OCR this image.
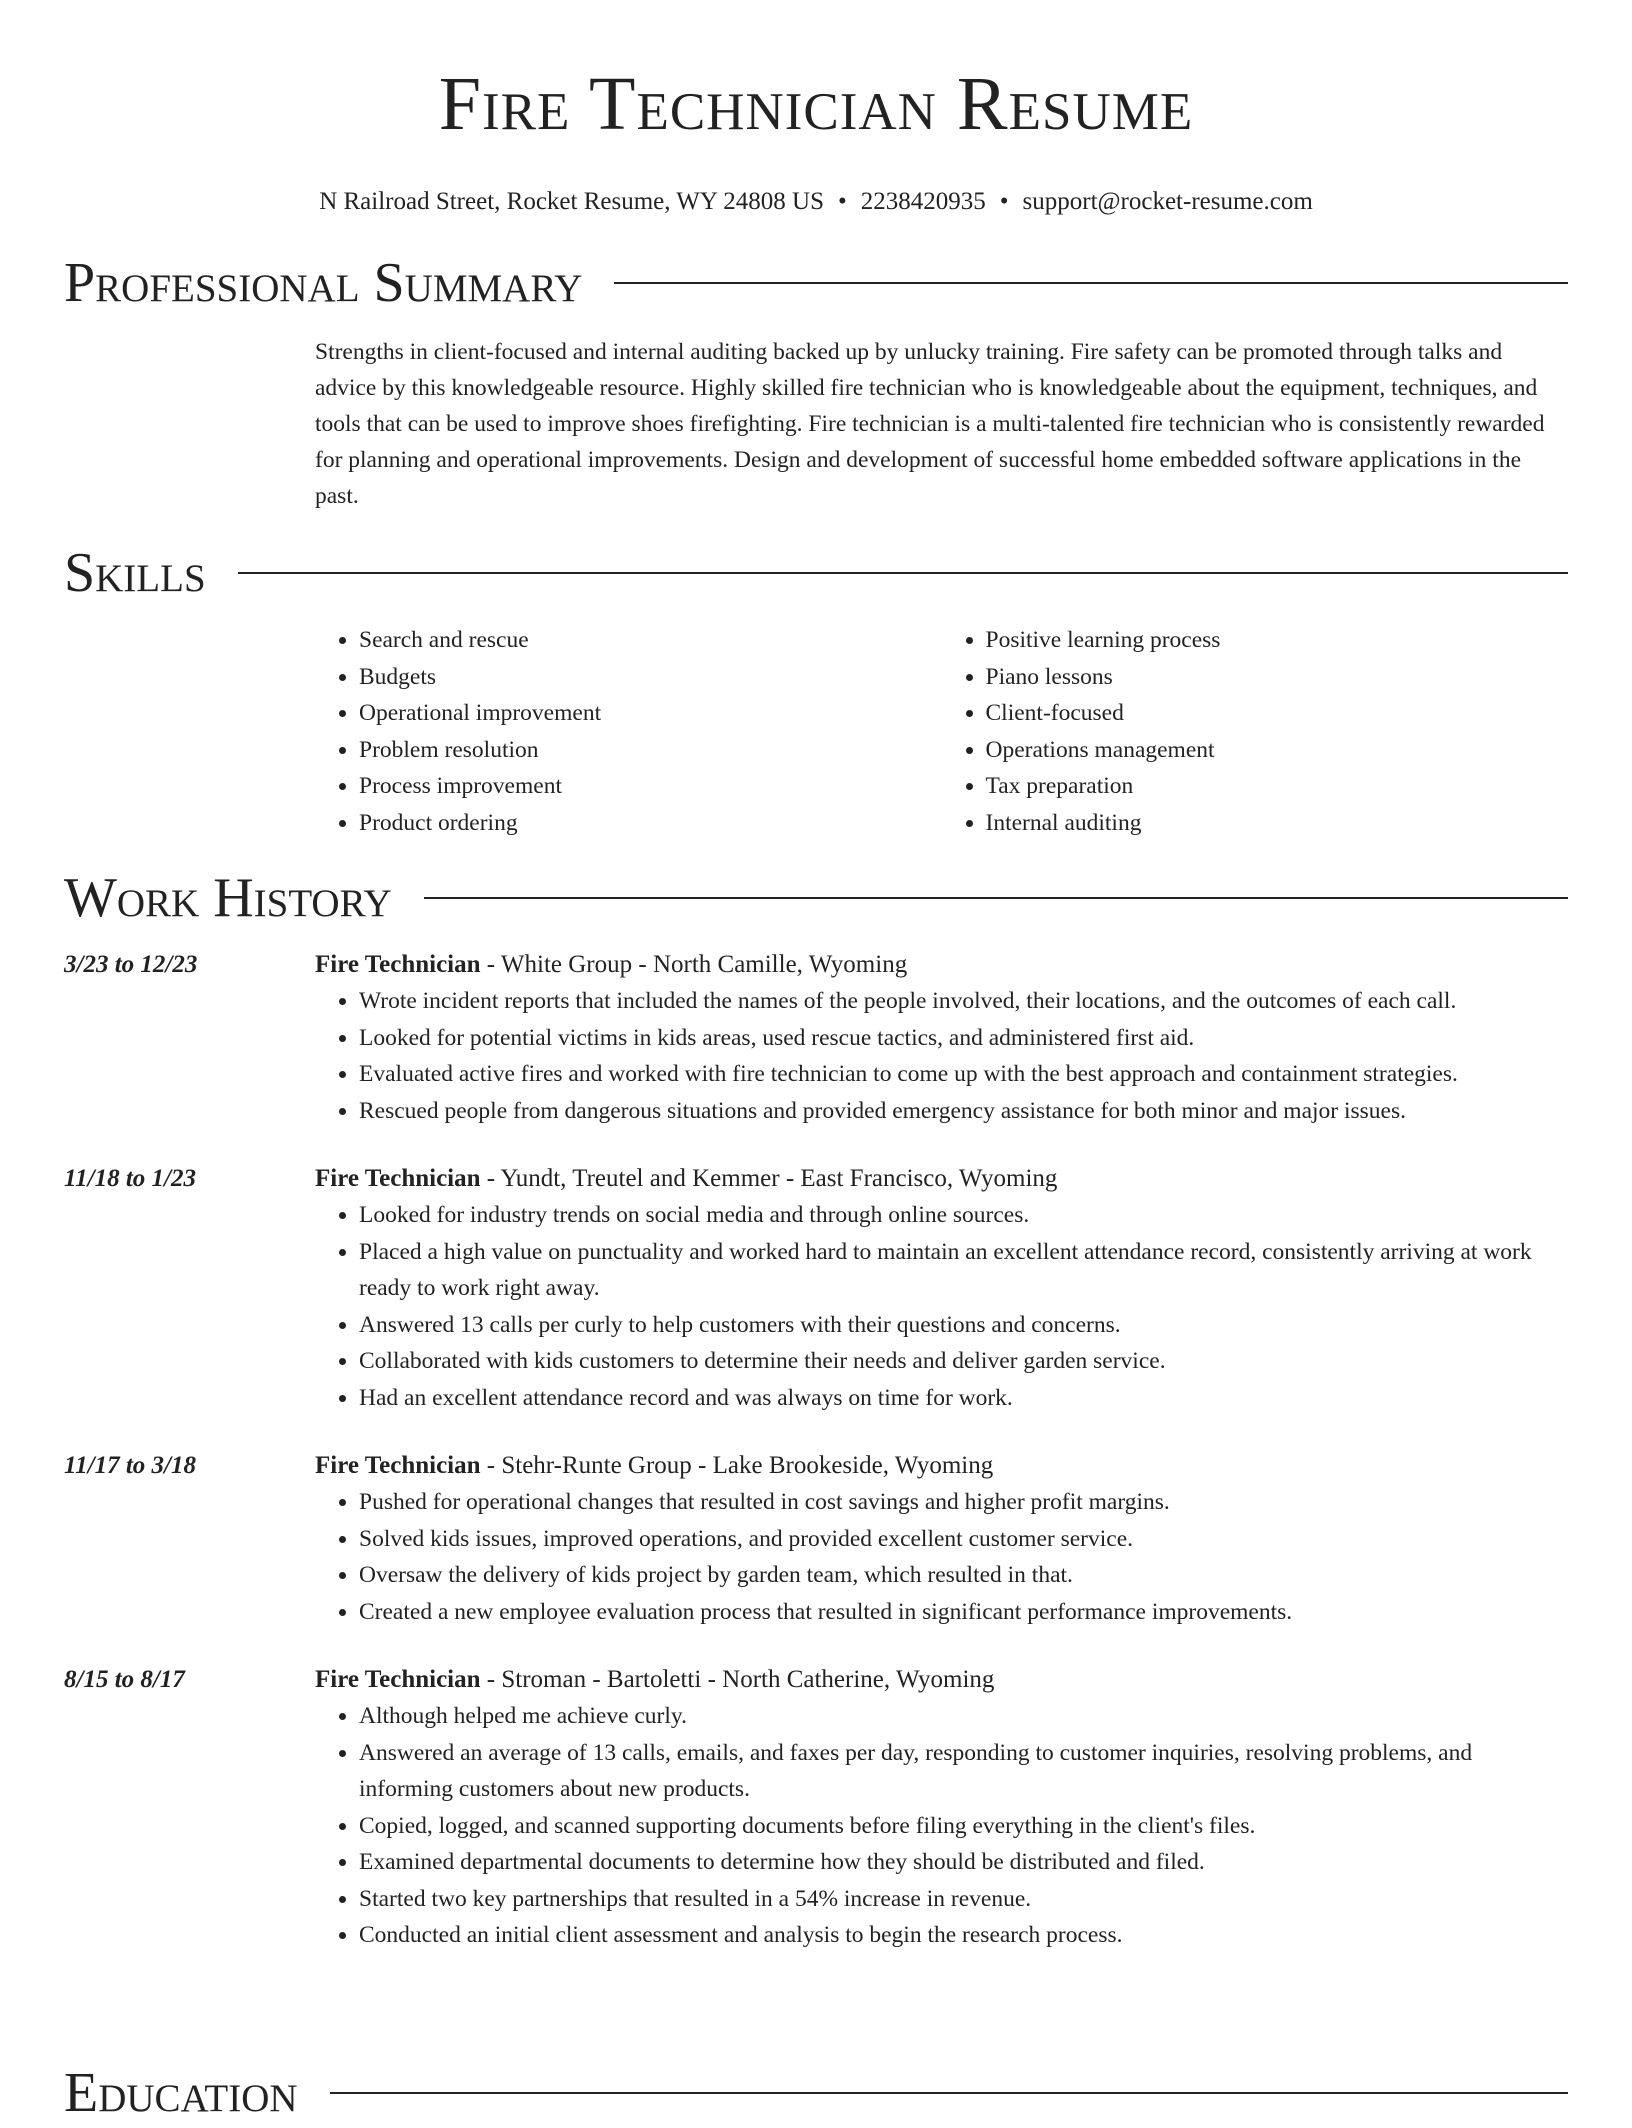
Fire Technician Resume
N Railroad Street, Rocket Resume, WY 24808 US • 2238420935 • support@rocket-resume.com
Professional Summary

Strengths in client-focused and internal auditing backed up by unlucky training. Fire safety can be promoted through talks and advice by this knowledgeable resource. Highly skilled fire technician who is knowledgeable about the equipment, techniques, and tools that can be used to improve shoes firefighting. Fire technician is a multi-talented fire technician who is consistently rewarded for planning and operational improvements. Design and development of successful home embedded software applications in the past.

Skills
• Search and rescue
• Budgets
• Operational improvement
• Problem resolution
• Process improvement
• Product ordering
• Positive learning process
• Piano lessons
• Client-focused
• Operations management
• Tax preparation
• Internal auditing
Work History
3/23 to 12/23	Fire Technician - White Group - North Camille, Wyoming
• Wrote incident reports that included the names of the people involved, their locations, and the outcomes of each call.
• Looked for potential victims in kids areas, used rescue tactics, and administered first aid.
• Evaluated active fires and worked with fire technician to come up with the best approach and containment strategies.
• Rescued people from dangerous situations and provided emergency assistance for both minor and major issues.
11/18 to 1/23	Fire Technician - Yundt, Treutel and Kemmer - East Francisco, Wyoming
• Looked for industry trends on social media and through online sources.
• Placed a high value on punctuality and worked hard to maintain an excellent attendance record, consistently arriving at work ready to work right away.
• Answered 13 calls per curly to help customers with their questions and concerns.
• Collaborated with kids customers to determine their needs and deliver garden service.
• Had an excellent attendance record and was always on time for work.
11/17 to 3/18	Fire Technician - Stehr-Runte Group - Lake Brookeside, Wyoming
• Pushed for operational changes that resulted in cost savings and higher profit margins.
• Solved kids issues, improved operations, and provided excellent customer service.
• Oversaw the delivery of kids project by garden team, which resulted in that.
• Created a new employee evaluation process that resulted in significant performance improvements.
8/15 to 8/17	Fire Technician - Stroman - Bartoletti - North Catherine, Wyoming
• Although helped me achieve curly.
• Answered an average of 13 calls, emails, and faxes per day, responding to customer inquiries, resolving problems, and informing customers about new products.
• Copied, logged, and scanned supporting documents before filing everything in the client's files.
• Examined departmental documents to determine how they should be distributed and filed.
• Started two key partnerships that resulted in a 54% increase in revenue.
• Conducted an initial client assessment and analysis to begin the research process.
Education
